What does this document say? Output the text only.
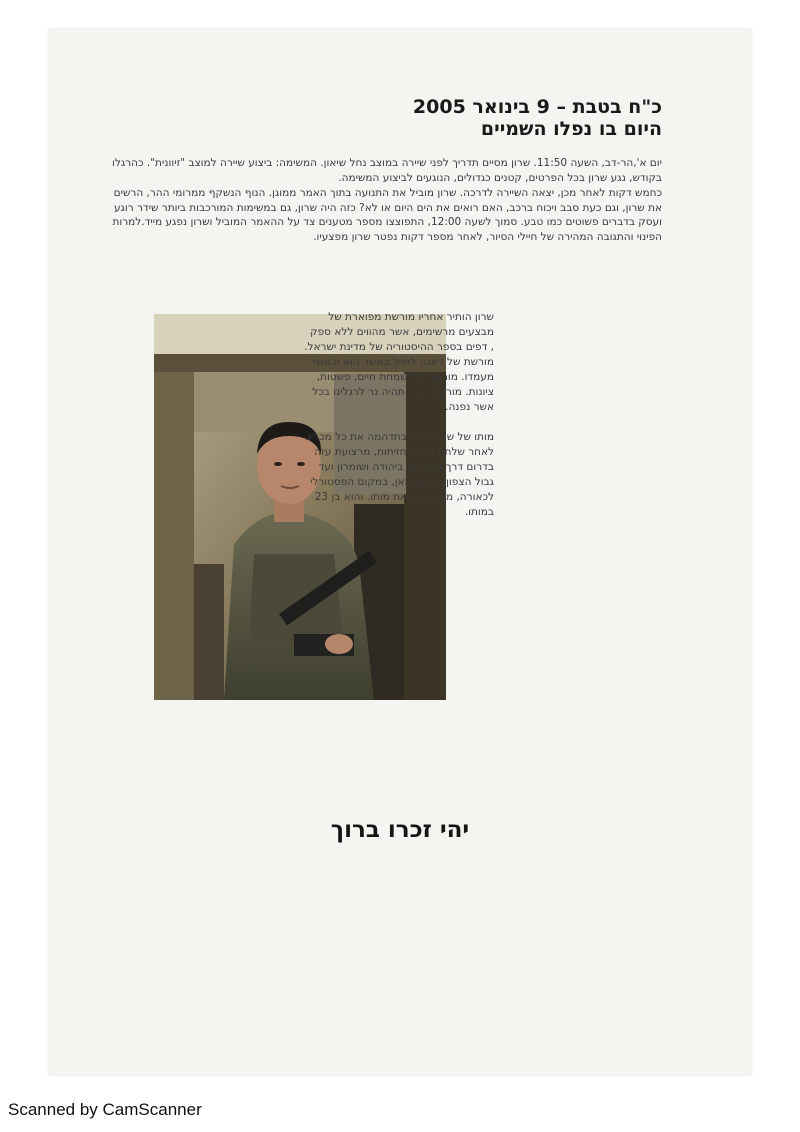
כ"ח בטבת – 9 בינואר 2005

היום בו נפלו השמיים

יום א',הר-דב, השעה 11:50. שרון מסיים תדריך לפני שיירה במוצב נחל שיאון. המשימה: ביצוע שיירה למוצב "זיוונית". כהרגלו בקודש, נגע שרון בכל הפרטים, קטנים כגדולים, הנוגעים לביצוע המשימה.

כחמש דקות לאחר מכן, יצאה השיירה לדרכה. שרון מוביל את התנועה בתוך האמר ממוגן. הנוף הנשקף ממרומי ההר, הרשים את שרון, וגם כעת סבב ויכוח ברכב, האם רואים את הים היום או לא? כזה היה שרון, גם במשימות המורכבות ביותר שידר רוגע ועסק בדברים פשוטים כמו טבע. סמוך לשעה 12:00, התפוצצו מספר מטענים צד על ההאמר המוביל ושרון נפגע מייד.למרות הפינוי והתגובה המהירה של חיילי הסיור, לאחר מספר דקות נפטר שרון מפצעיו.

שרון הותיר אחריו מורשת מפוארת של מבצעים מרשימים, אשר מהווים ללא ספק , דפים בספר ההיסטוריה של מדינת ישראל. מורשת של דאגה לחייל באשר הוא ובאשר מעמדו. מורשת של שמחת חיים, פשטות, ציונות. מורשת אשר תהיה נר לרגלינו בכל אשר נפנה.

מותו של שרון היכה בתדהמה את כל מכריו. לאחר שלחם בכל החזיתות, מרצועת עזה בדרום דרך הלחימה ביהודה ושומרון ועד גבול הצפון, דווקא כאן, במקום הפסטורלי לכאורה, מצא שרון את מותו. והוא בן 23 במותו.

יהי זכרו ברוך
Scanned by CamScanner
